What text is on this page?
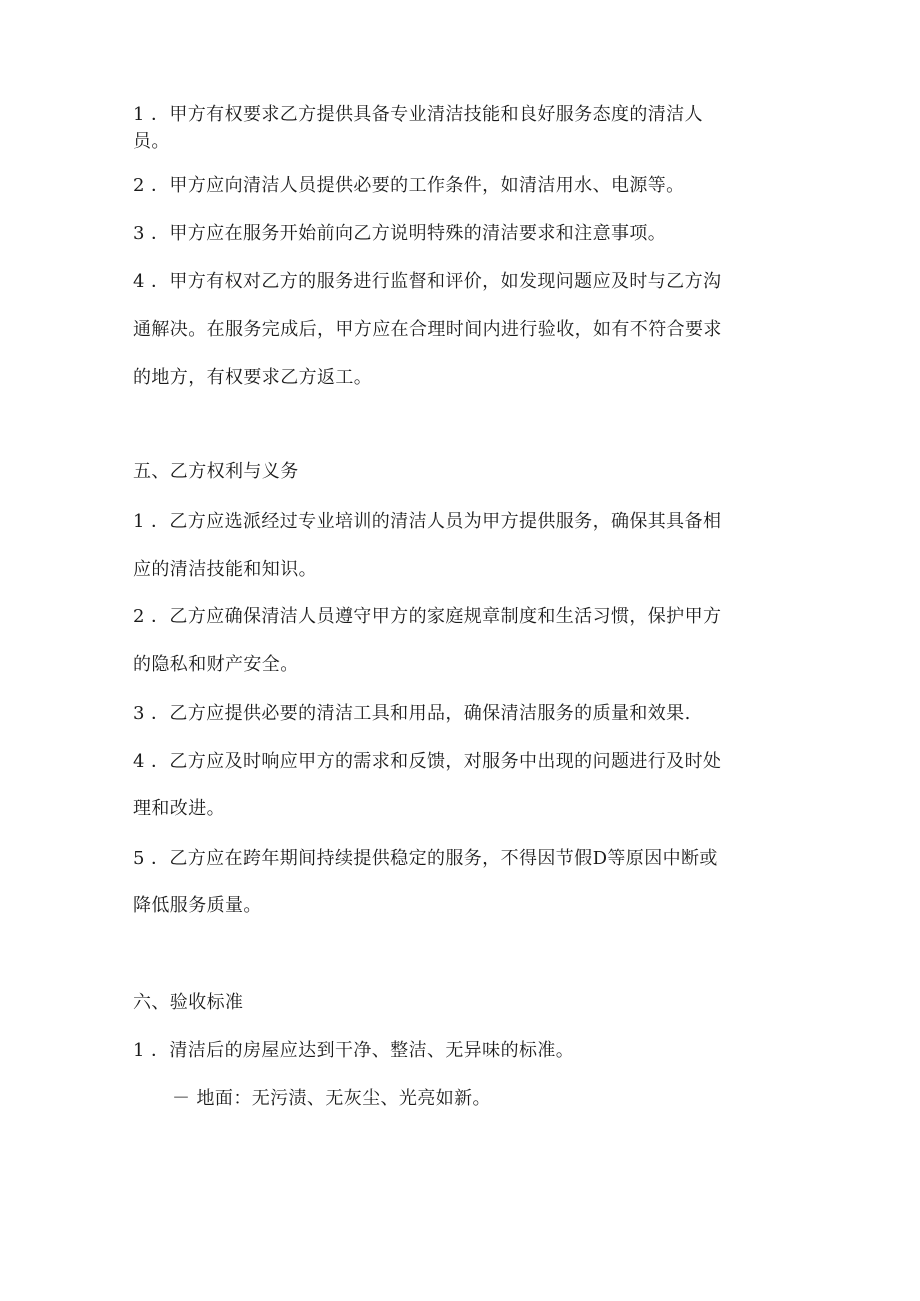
1 ．甲方有权要求乙方提供具备专业清洁技能和良好服务态度的清洁人
员。
2 ．甲方应向清洁人员提供必要的工作条件，如清洁用水、电源等。
3 ．甲方应在服务开始前向乙方说明特殊的清洁要求和注意事项。
4 ．甲方有权对乙方的服务进行监督和评价，如发现问题应及时与乙方沟
通解决。在服务完成后，甲方应在合理时间内进行验收，如有不符合要求
的地方，有权要求乙方返工。
五、乙方权利与义务
1 ．乙方应选派经过专业培训的清洁人员为甲方提供服务，确保其具备相
应的清洁技能和知识。
2 ．乙方应确保清洁人员遵守甲方的家庭规章制度和生活习惯，保护甲方
的隐私和财产安全。
3 ．乙方应提供必要的清洁工具和用品，确保清洁服务的质量和效果.
4 ．乙方应及时响应甲方的需求和反馈，对服务中出现的问题进行及时处
理和改进。
5 ．乙方应在跨年期间持续提供稳定的服务，不得因节假D等原因中断或
降低服务质量。
六、验收标准
1 ．清洁后的房屋应达到干净、整洁、无异味的标准。
－ 地面：无污渍、无灰尘、光亮如新。
